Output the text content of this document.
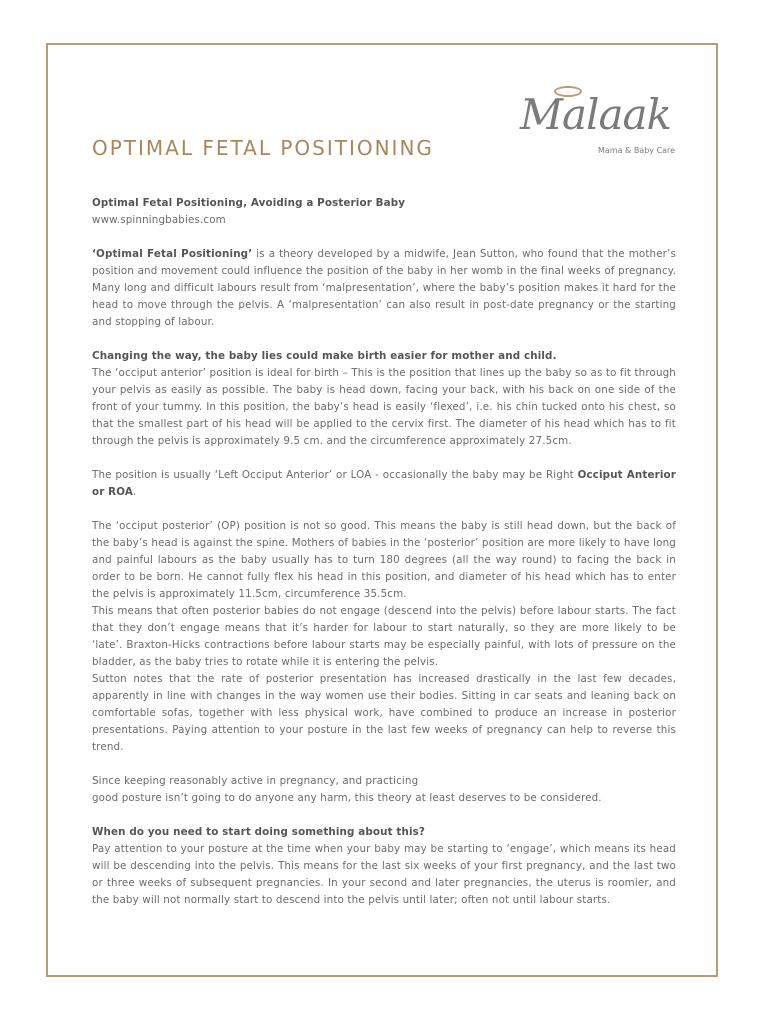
Malaak
Mama & Baby Care
OPTIMAL FETAL POSITIONING

Optimal Fetal Positioning, Avoiding a Posterior Baby

www.spinningbabies.com

‘Optimal Fetal Positioning’ is a theory developed by a midwife, Jean Sutton, who found that the mother’s position and movement could influence the position of the baby in her womb in the final weeks of pregnancy. Many long and difficult labours result from ‘malpresentation’, where the baby’s position makes it hard for the head to move through the pelvis. A ‘malpresentation’ can also result in post-date pregnancy or the starting and stopping of labour.

Changing the way, the baby lies could make birth easier for mother and child.

The ‘occiput anterior’ position is ideal for birth – This is the position that lines up the baby so as to fit through your pelvis as easily as possible. The baby is head down, facing your back, with his back on one side of the front of your tummy. In this position, the baby’s head is easily ‘flexed’, i.e. his chin tucked onto his chest, so that the smallest part of his head will be applied to the cervix first. The diameter of his head which has to fit through the pelvis is approximately 9.5 cm. and the circumference approximately 27.5cm.

The position is usually ‘Left Occiput Anterior’ or LOA - occasionally the baby may be Right Occiput Anterior or ROA.

The ‘occiput posterior’ (OP) position is not so good. This means the baby is still head down, but the back of the baby’s head is against the spine. Mothers of babies in the ‘posterior’ position are more likely to have long and painful labours as the baby usually has to turn 180 degrees (all the way round) to facing the back in order to be born. He cannot fully flex his head in this position, and diameter of his head which has to enter the pelvis is approximately 11.5cm, circumference 35.5cm.

This means that often posterior babies do not engage (descend into the pelvis) before labour starts. The fact that they don’t engage means that it’s harder for labour to start naturally, so they are more likely to be ‘late’. Braxton-Hicks contractions before labour starts may be especially painful, with lots of pressure on the bladder, as the baby tries to rotate while it is entering the pelvis.

Sutton notes that the rate of posterior presentation has increased drastically in the last few decades, apparently in line with changes in the way women use their bodies. Sitting in car seats and leaning back on comfortable sofas, together with less physical work, have combined to produce an increase in posterior presentations. Paying attention to your posture in the last few weeks of pregnancy can help to reverse this trend.

Since keeping reasonably active in pregnancy, and practicing

good posture isn’t going to do anyone any harm, this theory at least deserves to be considered.

When do you need to start doing something about this?

Pay attention to your posture at the time when your baby may be starting to ‘engage’, which means its head will be descending into the pelvis. This means for the last six weeks of your first pregnancy, and the last two or three weeks of subsequent pregnancies. In your second and later pregnancies, the uterus is roomier, and the baby will not normally start to descend into the pelvis until later; often not until labour starts.
